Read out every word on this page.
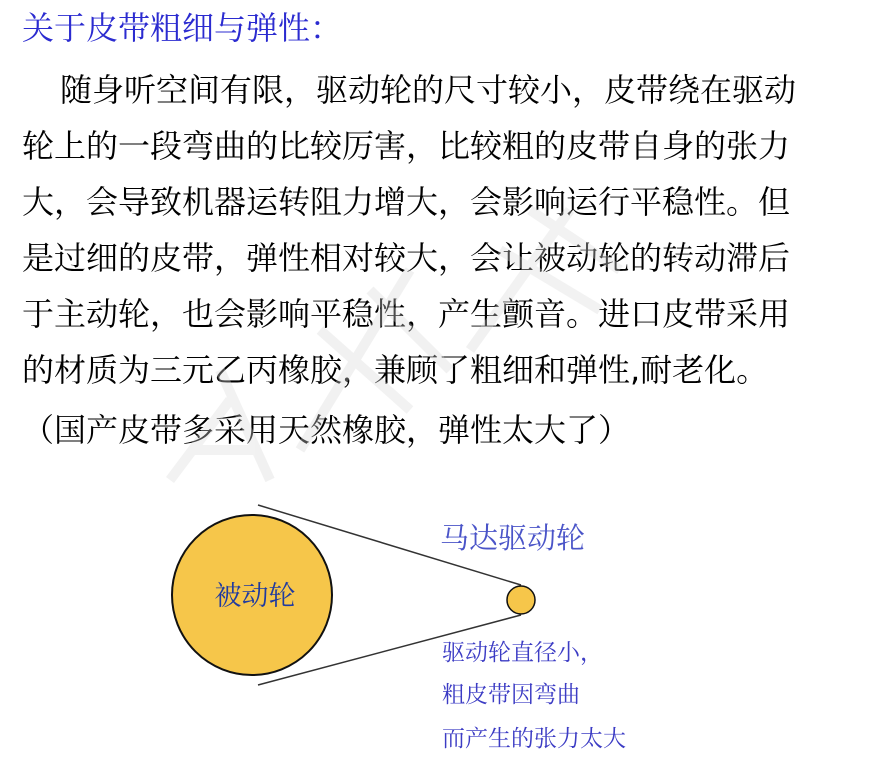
关于皮带粗细与弹性：
随身听空间有限，驱动轮的尺寸较小，皮带绕在驱动
轮上的一段弯曲的比较厉害，比较粗的皮带自身的张力
大，会导致机器运转阻力增大，会影响运行平稳性。但
是过细的皮带，弹性相对较大，会让被动轮的转动滞后
于主动轮，也会影响平稳性，产生颤音。进口皮带采用
的材质为三元乙丙橡胶，兼顾了粗细和弹性,耐老化。
（国产皮带多采用天然橡胶，弹性太大了）
被动轮
马达驱动轮
驱动轮直径小，
粗皮带因弯曲
而产生的张力太大
